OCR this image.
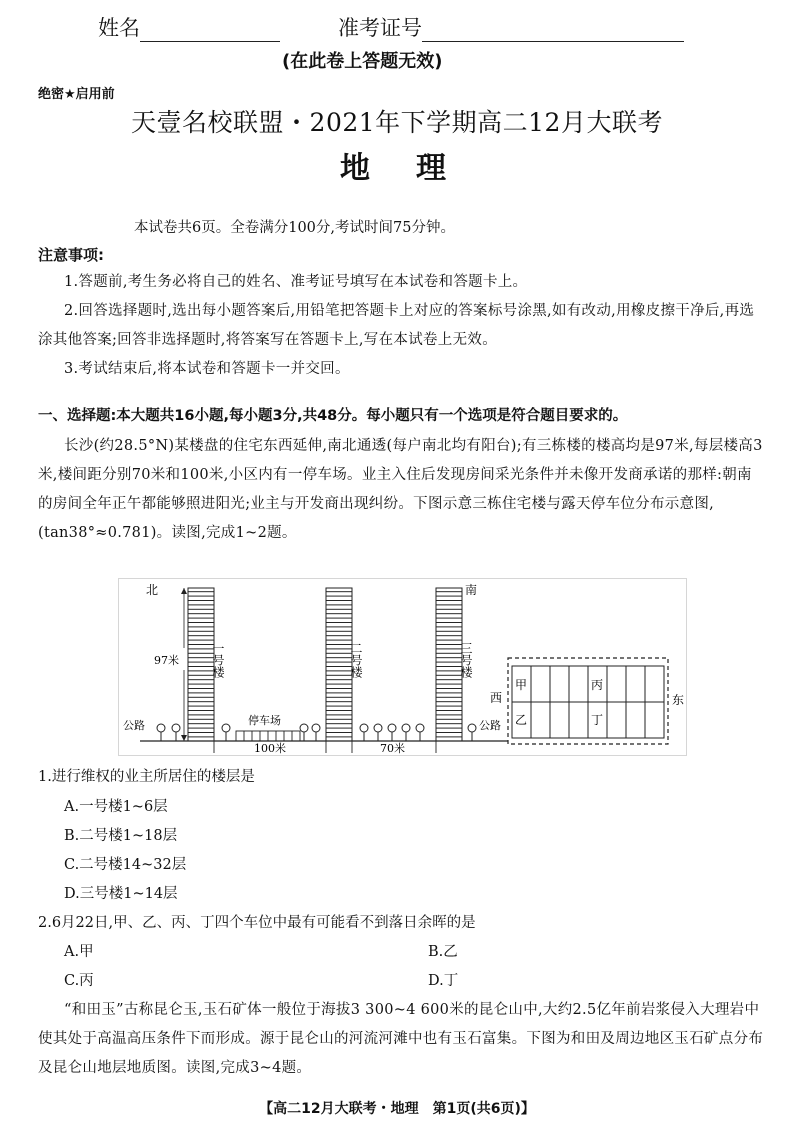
姓名	准考证号
(在此卷上答题无效)
绝密★启用前
天壹名校联盟・2021年下学期高二12月大联考
地　理
本试卷共6页。全卷满分100分,考试时间75分钟。
注意事项:
1.答题前,考生务必将自己的姓名、准考证号填写在本试卷和答题卡上。
2.回答选择题时,选出每小题答案后,用铅笔把答题卡上对应的答案标号涂黑,如有改动,用橡皮擦干净后,再选涂其他答案;回答非选择题时,将答案写在答题卡上,写在本试卷上无效。
3.考试结束后,将本试卷和答题卡一并交回。
一、选择题:本大题共16小题,每小题3分,共48分。每小题只有一个选项是符合题目要求的。
长沙(约28.5°N)某楼盘的住宅东西延伸,南北通透(每户南北均有阳台);有三栋楼的楼高均是97米,每层楼高3米,楼间距分别70米和100米,小区内有一停车场。业主入住后发现房间采光条件并未像开发商承诺的那样:朝南的房间全年正午都能够照进阳光;业主与开发商出现纠纷。下图示意三栋住宅楼与露天停车位分布示意图,(tan38°≈0.781)。读图,完成1~2题。
北	南
97米	一号楼	二号楼	三号楼
停车场
公路	公路
100米	70米
西	东
甲
乙
丙
丁
1.进行维权的业主所居住的楼层是
A.一号楼1~6层
B.二号楼1~18层
C.二号楼14~32层
D.三号楼1~14层
2.6月22日,甲、乙、丙、丁四个车位中最有可能看不到落日余晖的是
A.甲	B.乙
C.丙	D.丁
“和田玉”古称昆仑玉,玉石矿体一般位于海拔3 300~4 600米的昆仑山中,大约2.5亿年前岩浆侵入大理岩中使其处于高温高压条件下而形成。源于昆仑山的河流河滩中也有玉石富集。下图为和田及周边地区玉石矿点分布及昆仑山地层地质图。读图,完成3~4题。
【高二12月大联考・地理　第1页(共6页)】
